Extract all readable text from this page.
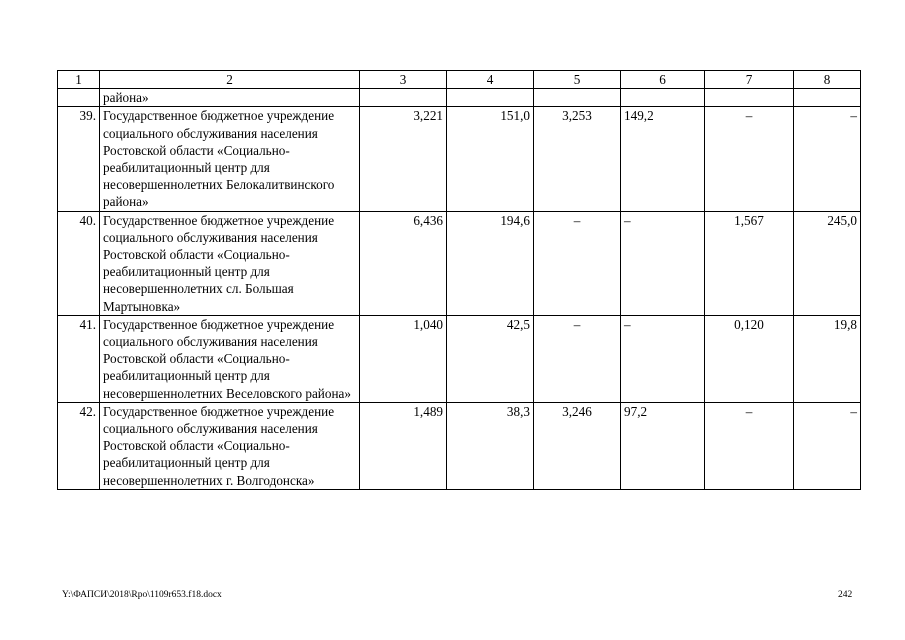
1	2	3	4	5	6	7	8
	района»						
39.	Государственное бюджетное учреждение социального обслуживания населения Ростовской области «Социально-реабилитационный центр для несовершеннолетних Белокалитвинского района»	3,221	151,0	3,253	149,2	–	–
40.	Государственное бюджетное учреждение социального обслуживания населения Ростовской области «Социально-реабилитационный центр для несовершеннолетних сл. Большая Мартыновка»	6,436	194,6	–	–	1,567	245,0
41.	Государственное бюджетное учреждение социального обслуживания населения Ростовской области «Социально-реабилитационный центр для несовершеннолетних Веселовского района»	1,040	42,5	–	–	0,120	19,8
42.	Государственное бюджетное учреждение социального обслуживания населения Ростовской области «Социально-реабилитационный центр для несовершеннолетних г. Волгодонска»	1,489	38,3	3,246	97,2	–	–
Y:\ФАПСИ\2018\Rpo\1109r653.f18.docx	242
